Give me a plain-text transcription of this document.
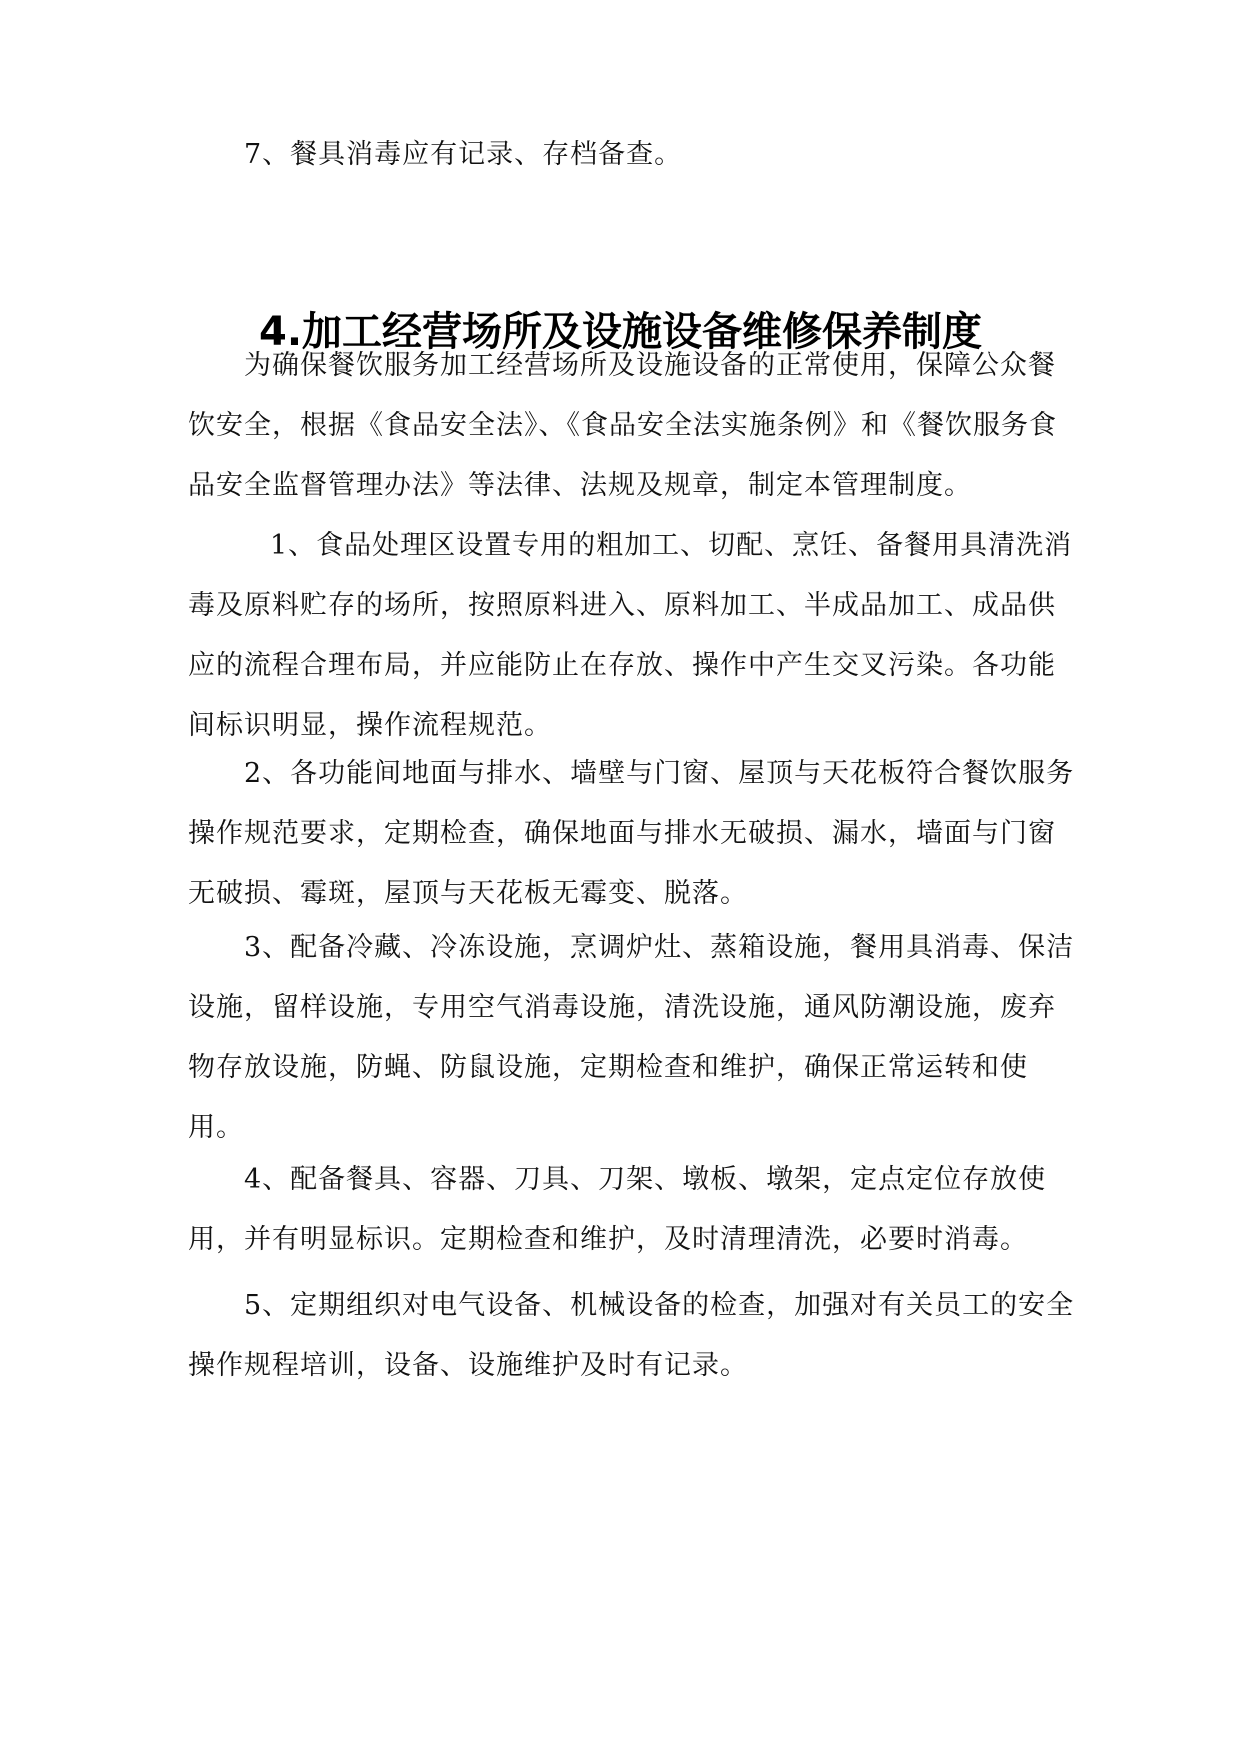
7、餐具消毒应有记录、存档备查。

4.加工经营场所及设施设备维修保养制度

为确保餐饮服务加工经营场所及设施设备的正常使用，保障公众餐饮安全，根据《食品安全法》、《食品安全法实施条例》和《餐饮服务食品安全监督管理办法》等法律、法规及规章，制定本管理制度。

1、食品处理区设置专用的粗加工、切配、烹饪、备餐用具清洗消毒及原料贮存的场所，按照原料进入、原料加工、半成品加工、成品供应的流程合理布局，并应能防止在存放、操作中产生交叉污染。各功能间标识明显，操作流程规范。

2、各功能间地面与排水、墙壁与门窗、屋顶与天花板符合餐饮服务操作规范要求，定期检查，确保地面与排水无破损、漏水，墙面与门窗无破损、霉斑，屋顶与天花板无霉变、脱落。

3、配备冷藏、冷冻设施，烹调炉灶、蒸箱设施，餐用具消毒、保洁设施，留样设施，专用空气消毒设施，清洗设施，通风防潮设施，废弃物存放设施，防蝇、防鼠设施，定期检查和维护，确保正常运转和使用。

4、配备餐具、容器、刀具、刀架、墩板、墩架，定点定位存放使用，并有明显标识。定期检查和维护，及时清理清洗，必要时消毒。

5、定期组织对电气设备、机械设备的检查，加强对有关员工的安全操作规程培训，设备、设施维护及时有记录。
